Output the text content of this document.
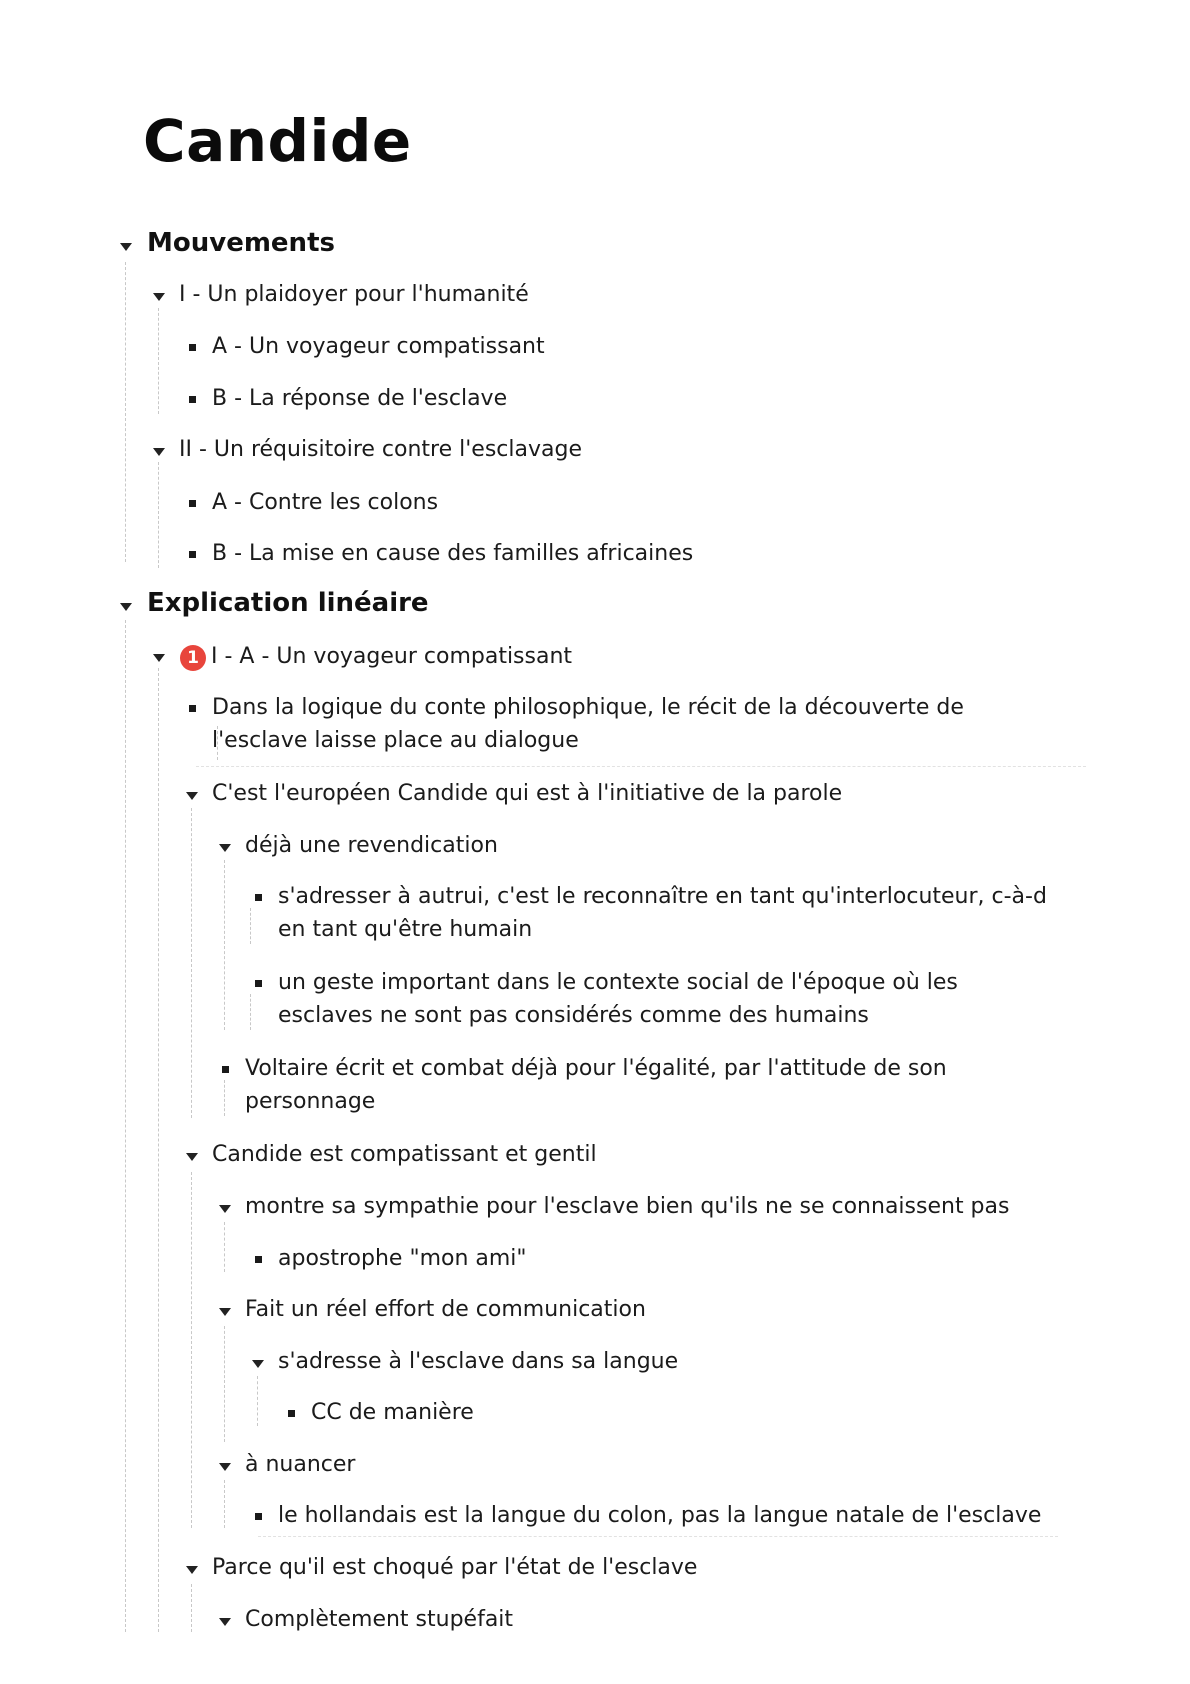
Candide
Mouvements
I - Un plaidoyer pour l'humanité
A - Un voyageur compatissant
B - La réponse de l'esclave
II - Un réquisitoire contre l'esclavage
A - Contre les colons
B - La mise en cause des familles africaines
Explication linéaire
1 I - A - Un voyageur compatissant
Dans la logique du conte philosophique, le récit de la découverte de
l'esclave laisse place au dialogue
C'est l'européen Candide qui est à l'initiative de la parole
déjà une revendication
s'adresser à autrui, c'est le reconnaître en tant qu'interlocuteur, c-à-d
en tant qu'être humain
un geste important dans le contexte social de l'époque où les
esclaves ne sont pas considérés comme des humains
Voltaire écrit et combat déjà pour l'égalité, par l'attitude de son
personnage
Candide est compatissant et gentil
montre sa sympathie pour l'esclave bien qu'ils ne se connaissent pas
apostrophe "mon ami"
Fait un réel effort de communication
s'adresse à l'esclave dans sa langue
CC de manière
à nuancer
le hollandais est la langue du colon, pas la langue natale de l'esclave
Parce qu'il est choqué par l'état de l'esclave
Complètement stupéfait
